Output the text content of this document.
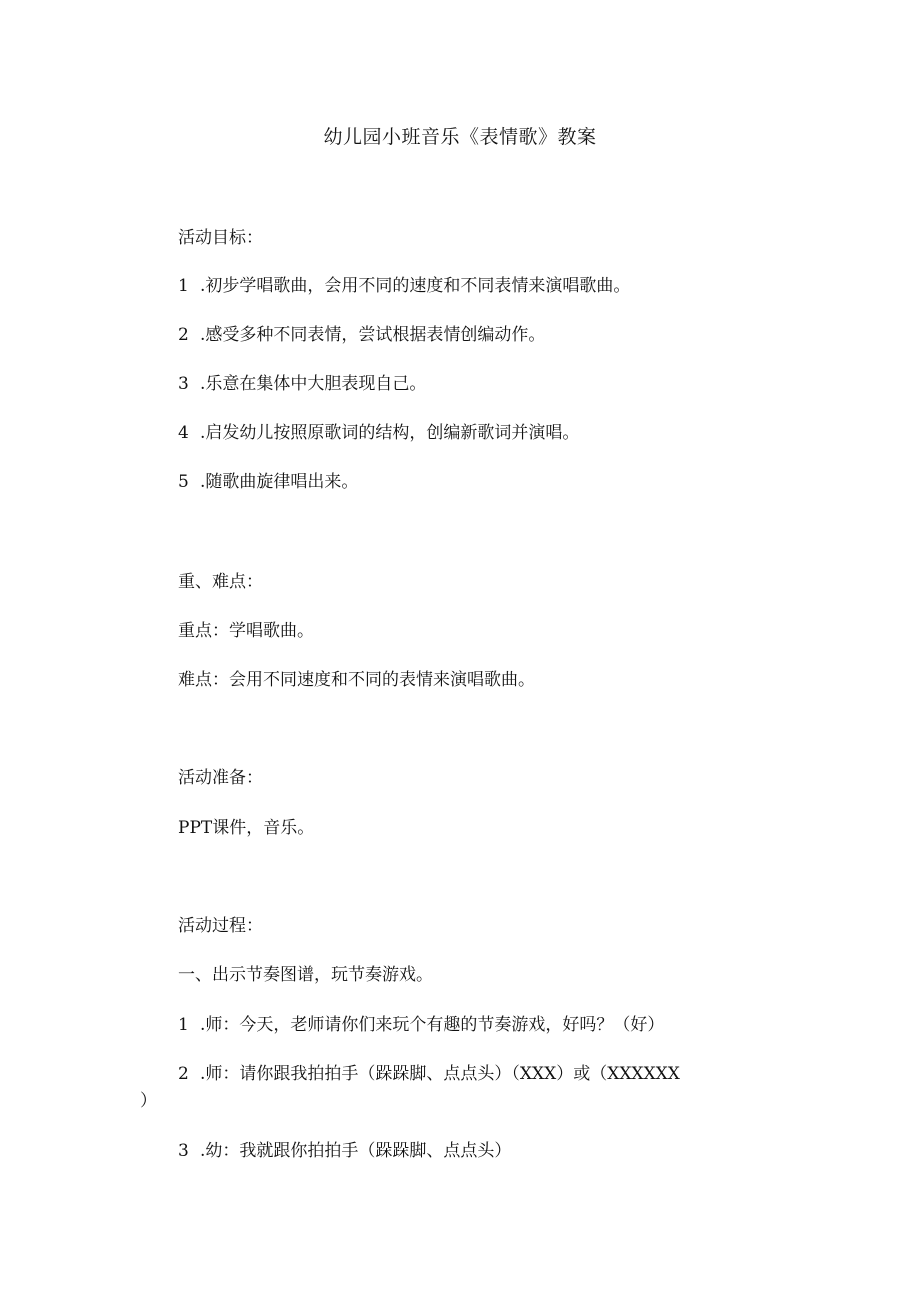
幼儿园小班音乐《表情歌》教案
活动目标：
1 .初步学唱歌曲，会用不同的速度和不同表情来演唱歌曲。
2 .感受多种不同表情，尝试根据表情创编动作。
3 .乐意在集体中大胆表现自己。
4 .启发幼儿按照原歌词的结构，创编新歌词并演唱。
5 .随歌曲旋律唱出来。
重、难点：
重点：学唱歌曲。
难点：会用不同速度和不同的表情来演唱歌曲。
活动准备：
PPT课件，音乐。
活动过程：
一、出示节奏图谱，玩节奏游戏。
1 .师：今天，老师请你们来玩个有趣的节奏游戏，好吗？（好）
2 .师：请你跟我拍拍手（跺跺脚、点点头）（XXX）或（XXXXXX
）
3 .幼：我就跟你拍拍手（跺跺脚、点点头）
